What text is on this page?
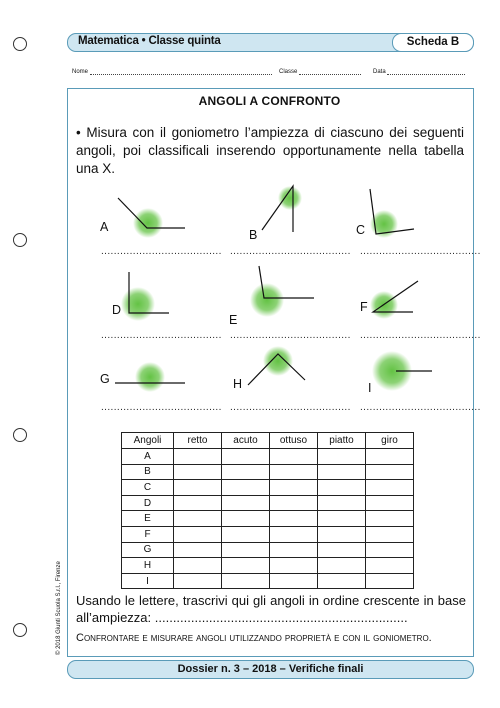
Matematica • Classe quinta	Scheda B
Nome	Classe	Data
ANGOLI A CONFRONTO
• Misura con il goniometro l’ampiezza di ciascuno dei seguenti angoli, poi classificali inserendo opportunamente nella tabella una X.
A
B	C
D
E
F
G	H	I
...................................... ...................................... ......................................
...................................... ...................................... ......................................
...................................... ...................................... ......................................
Angoli	retto	acuto	ottuso	piatto	giro
A					
B					
C					
D					
E					
F					
G					
H					
I					
Usando le lettere, trascrivi qui gli angoli in ordine crescente in base all’ampiezza: ......................................................................
Confrontare e misurare angoli utilizzando proprietà e con il goniometro.
© 2018 Giunti Scuola S.r.l., Firenze
Dossier n. 3 – 2018 – Verifiche finali
